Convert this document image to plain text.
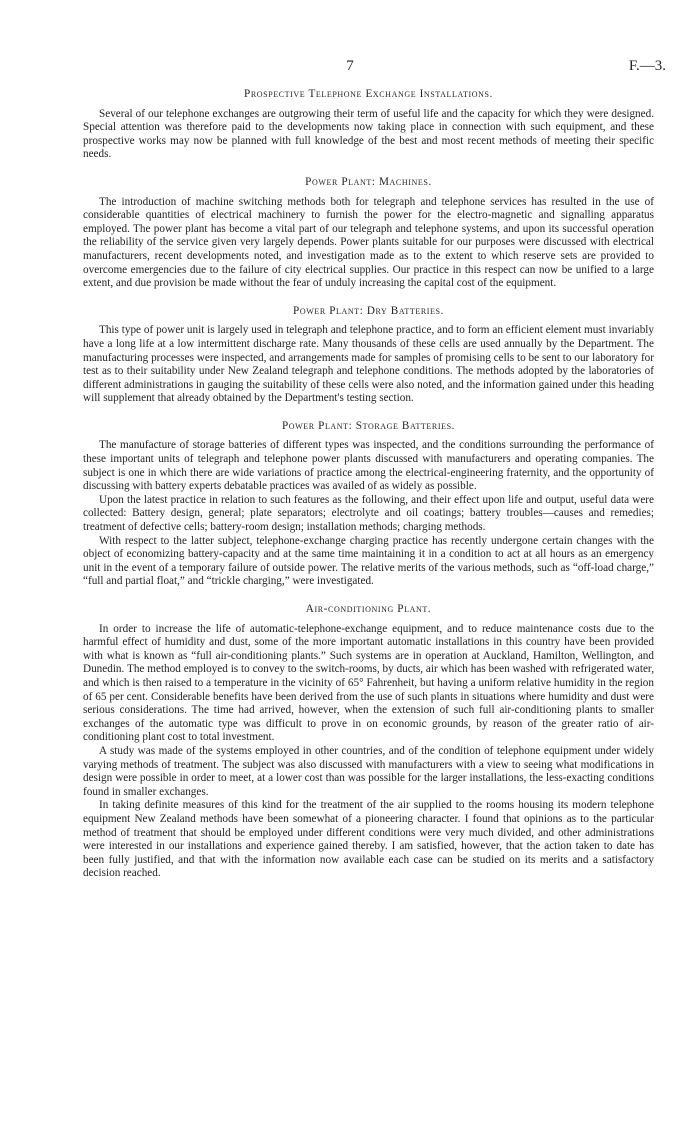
7	F.—3.
Prospective Telephone Exchange Installations.

Several of our telephone exchanges are outgrowing their term of useful life and the capacity for which they were designed. Special attention was therefore paid to the developments now taking place in connection with such equipment, and these prospective works may now be planned with full knowledge of the best and most recent methods of meeting their specific needs.

Power Plant: Machines.

The introduction of machine switching methods both for telegraph and telephone services has resulted in the use of considerable quantities of electrical machinery to furnish the power for the electro-magnetic and signalling apparatus employed. The power plant has become a vital part of our telegraph and telephone systems, and upon its successful operation the reliability of the service given very largely depends. Power plants suitable for our purposes were discussed with electrical manufacturers, recent developments noted, and investigation made as to the extent to which reserve sets are provided to overcome emergencies due to the failure of city electrical supplies. Our practice in this respect can now be unified to a large extent, and due provision be made without the fear of unduly increasing the capital cost of the equipment.

Power Plant: Dry Batteries.

This type of power unit is largely used in telegraph and telephone practice, and to form an efficient element must invariably have a long life at a low intermittent discharge rate. Many thousands of these cells are used annually by the Department. The manufacturing processes were inspected, and arrangements made for samples of promising cells to be sent to our laboratory for test as to their suitability under New Zealand telegraph and telephone conditions. The methods adopted by the laboratories of different administrations in gauging the suitability of these cells were also noted, and the information gained under this heading will supplement that already obtained by the Department's testing section.

Power Plant: Storage Batteries.

The manufacture of storage batteries of different types was inspected, and the conditions surrounding the performance of these important units of telegraph and telephone power plants discussed with manufacturers and operating companies. The subject is one in which there are wide variations of practice among the electrical-engineering fraternity, and the opportunity of discussing with battery experts debatable practices was availed of as widely as possible.

Upon the latest practice in relation to such features as the following, and their effect upon life and output, useful data were collected: Battery design, general; plate separators; electrolyte and oil coatings; battery troubles—causes and remedies; treatment of defective cells; battery-room design; installation methods; charging methods.

With respect to the latter subject, telephone-exchange charging practice has recently undergone certain changes with the object of economizing battery-capacity and at the same time maintaining it in a condition to act at all hours as an emergency unit in the event of a temporary failure of outside power. The relative merits of the various methods, such as “off-load charge,” “full and partial float,” and “trickle charging,” were investigated.

Air-conditioning Plant.

In order to increase the life of automatic-telephone-exchange equipment, and to reduce maintenance costs due to the harmful effect of humidity and dust, some of the more important automatic installations in this country have been provided with what is known as “full air-conditioning plants.” Such systems are in operation at Auckland, Hamilton, Wellington, and Dunedin. The method employed is to convey to the switch-rooms, by ducts, air which has been washed with refrigerated water, and which is then raised to a temperature in the vicinity of 65° Fahrenheit, but having a uniform relative humidity in the region of 65 per cent. Considerable benefits have been derived from the use of such plants in situations where humidity and dust were serious considerations. The time had arrived, however, when the extension of such full air-conditioning plants to smaller exchanges of the automatic type was difficult to prove in on economic grounds, by reason of the greater ratio of air-conditioning plant cost to total investment.

A study was made of the systems employed in other countries, and of the condition of telephone equipment under widely varying methods of treatment. The subject was also discussed with manufacturers with a view to seeing what modifications in design were possible in order to meet, at a lower cost than was possible for the larger installations, the less-exacting conditions found in smaller exchanges.

In taking definite measures of this kind for the treatment of the air supplied to the rooms housing its modern telephone equipment New Zealand methods have been somewhat of a pioneering character. I found that opinions as to the particular method of treatment that should be employed under different conditions were very much divided, and other administrations were interested in our installations and experience gained thereby. I am satisfied, however, that the action taken to date has been fully justified, and that with the information now available each case can be studied on its merits and a satisfactory decision reached.
